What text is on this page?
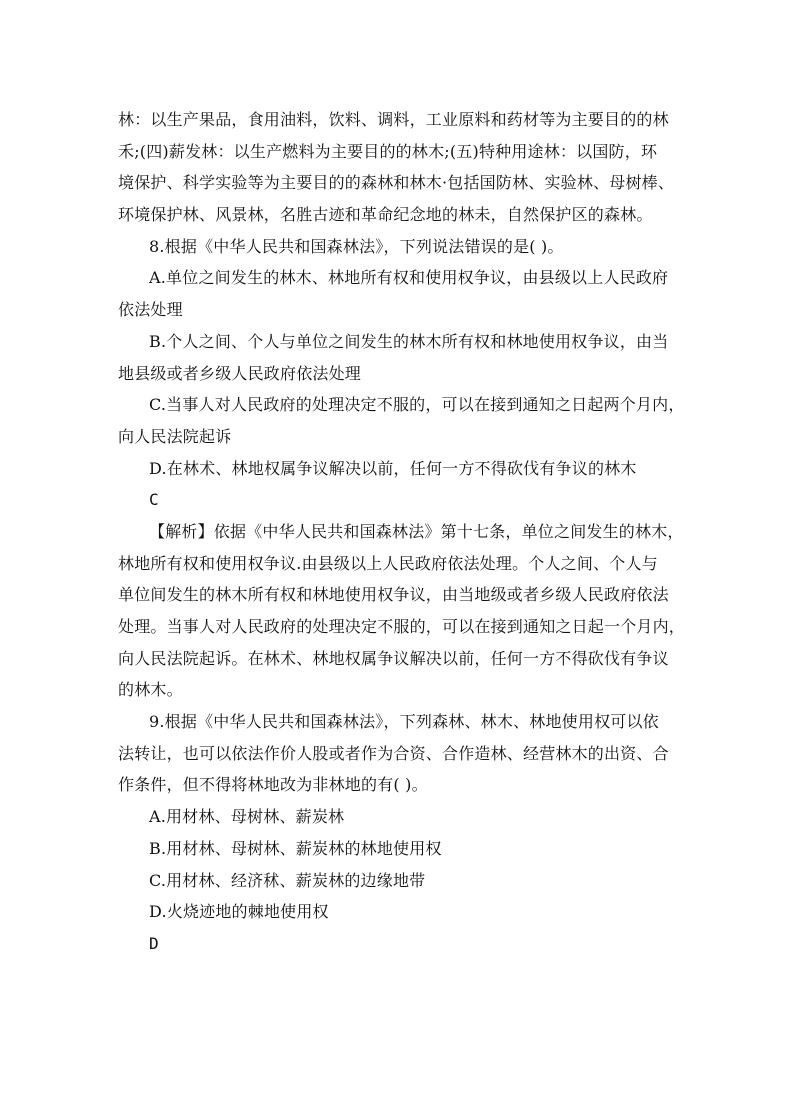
林：以生产果品，食用油料，饮料、调料，工业原料和药材等为主要目的的林
禾;(四)薪发林：以生产燃料为主要目的的林木;(五)特种用途林：以国防，环
境保护、科学实验等为主要目的的森林和林木·包括国防林、实验林、母树棒、
环境保护林、风景林，名胜古迹和革命纪念地的林未，自然保护区的森林。
8.根据《中华人民共和国森林法》，下列说法错误的是( )。
A.单位之间发生的林木、林地所有权和使用权争议，由县级以上人民政府
依法处理
B.个人之间、个人与单位之间发生的林木所有权和林地使用权争议，由当
地县级或者乡级人民政府依法处理
C.当事人对人民政府的处理决定不服的，可以在接到通知之日起两个月内，
向人民法院起诉
D.在林术、林地权属争议解决以前，任何一方不得砍伐有争议的林木
C
【解析】依据《中华人民共和国森林法》第十七条，单位之间发生的林木，
林地所有权和使用权争议.由县级以上人民政府依法处理。个人之间、个人与
单位间发生的林木所有权和林地使用权争议，由当地级或者乡级人民政府依法
处理。当事人对人民政府的处理决定不服的，可以在接到通知之日起一个月内，
向人民法院起诉。在林术、林地权属争议解决以前，任何一方不得砍伐有争议
的林木。
9.根据《中华人民共和国森林法》，下列森林、林木、林地使用权可以依
法转让，也可以依法作价人股或者作为合资、合作造林、经营林木的出资、合
作条件，但不得将林地改为非林地的有( )。
A.用材林、母树林、薪炭林
B.用材林、母树林、薪炭林的林地使用权
C.用材林、经济秫、薪炭林的边缘地带
D.火烧迹地的棘地使用权
D
